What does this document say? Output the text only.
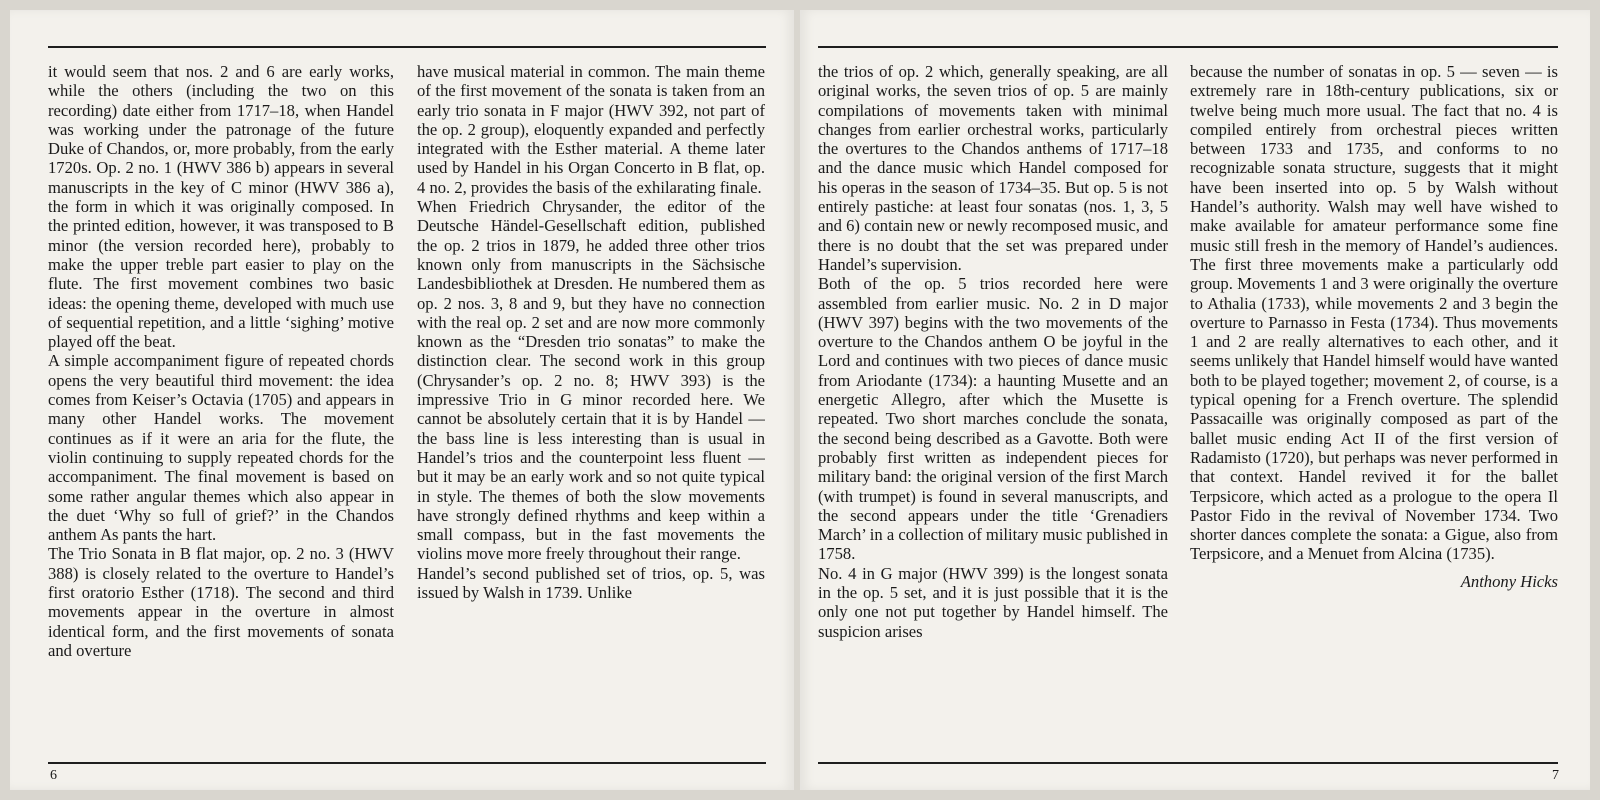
it would seem that nos. 2 and 6 are early works, while the others (including the two on this recording) date either from 1717–18, when Handel was working under the patronage of the future Duke of Chandos, or, more probably, from the early 1720s. Op. 2 no. 1 (HWV 386 b) appears in several manuscripts in the key of C minor (HWV 386 a), the form in which it was originally composed. In the printed edition, however, it was transposed to B minor (the version recorded here), probably to make the upper treble part easier to play on the flute. The first movement combines two basic ideas: the opening theme, developed with much use of sequential repetition, and a little ‘sighing’ motive played off the beat.

A simple accompaniment figure of repeated chords opens the very beautiful third movement: the idea comes from Keiser’s Octavia (1705) and appears in many other Handel works. The movement continues as if it were an aria for the flute, the violin continuing to supply repeated chords for the accompaniment. The final movement is based on some rather angular themes which also appear in the duet ‘Why so full of grief?’ in the Chandos anthem As pants the hart.

The Trio Sonata in B flat major, op. 2 no. 3 (HWV 388) is closely related to the overture to Handel’s first oratorio Esther (1718). The second and third movements appear in the overture in almost identical form, and the first movements of sonata and overture

have musical material in common. The main theme of the first movement of the sonata is taken from an early trio sonata in F major (HWV 392, not part of the op. 2 group), eloquently expanded and perfectly integrated with the Esther material. A theme later used by Handel in his Organ Concerto in B flat, op. 4 no. 2, provides the basis of the exhilarating finale.

When Friedrich Chrysander, the editor of the Deutsche Händel-Gesellschaft edition, published the op. 2 trios in 1879, he added three other trios known only from manuscripts in the Sächsische Landesbibliothek at Dresden. He numbered them as op. 2 nos. 3, 8 and 9, but they have no connection with the real op. 2 set and are now more commonly known as the “Dresden trio sonatas” to make the distinction clear. The second work in this group (Chrysander’s op. 2 no. 8; HWV 393) is the impressive Trio in G minor recorded here. We cannot be absolutely certain that it is by Handel — the bass line is less interesting than is usual in Handel’s trios and the counterpoint less fluent — but it may be an early work and so not quite typical in style. The themes of both the slow movements have strongly defined rhythms and keep within a small compass, but in the fast movements the violins move more freely throughout their range.

Handel’s second published set of trios, op. 5, was issued by Walsh in 1739. Unlike

6

the trios of op. 2 which, generally speaking, are all original works, the seven trios of op. 5 are mainly compilations of movements taken with minimal changes from earlier orchestral works, particularly the overtures to the Chandos anthems of 1717–18 and the dance music which Handel composed for his operas in the season of 1734–35. But op. 5 is not entirely pastiche: at least four sonatas (nos. 1, 3, 5 and 6) contain new or newly recomposed music, and there is no doubt that the set was prepared under Handel’s supervision.

Both of the op. 5 trios recorded here were assembled from earlier music. No. 2 in D major (HWV 397) begins with the two movements of the overture to the Chandos anthem O be joyful in the Lord and continues with two pieces of dance music from Ariodante (1734): a haunting Musette and an energetic Allegro, after which the Musette is repeated. Two short marches conclude the sonata, the second being described as a Gavotte. Both were probably first written as independent pieces for military band: the original version of the first March (with trumpet) is found in several manuscripts, and the second appears under the title ‘Grenadiers March’ in a collection of military music published in 1758.

No. 4 in G major (HWV 399) is the longest sonata in the op. 5 set, and it is just possible that it is the only one not put together by Handel himself. The suspicion arises

because the number of sonatas in op. 5 — seven — is extremely rare in 18th-century publications, six or twelve being much more usual. The fact that no. 4 is compiled entirely from orchestral pieces written between 1733 and 1735, and conforms to no recognizable sonata structure, suggests that it might have been inserted into op. 5 by Walsh without Handel’s authority. Walsh may well have wished to make available for amateur performance some fine music still fresh in the memory of Handel’s audiences. The first three movements make a particularly odd group. Movements 1 and 3 were originally the overture to Athalia (1733), while movements 2 and 3 begin the overture to Parnasso in Festa (1734). Thus movements 1 and 2 are really alternatives to each other, and it seems unlikely that Handel himself would have wanted both to be played together; movement 2, of course, is a typical opening for a French overture. The splendid Passacaille was originally composed as part of the ballet music ending Act II of the first version of Radamisto (1720), but perhaps was never performed in that context. Handel revived it for the ballet Terpsicore, which acted as a prologue to the opera Il Pastor Fido in the revival of November 1734. Two shorter dances complete the sonata: a Gigue, also from Terpsicore, and a Menuet from Alcina (1735).

Anthony Hicks

7
